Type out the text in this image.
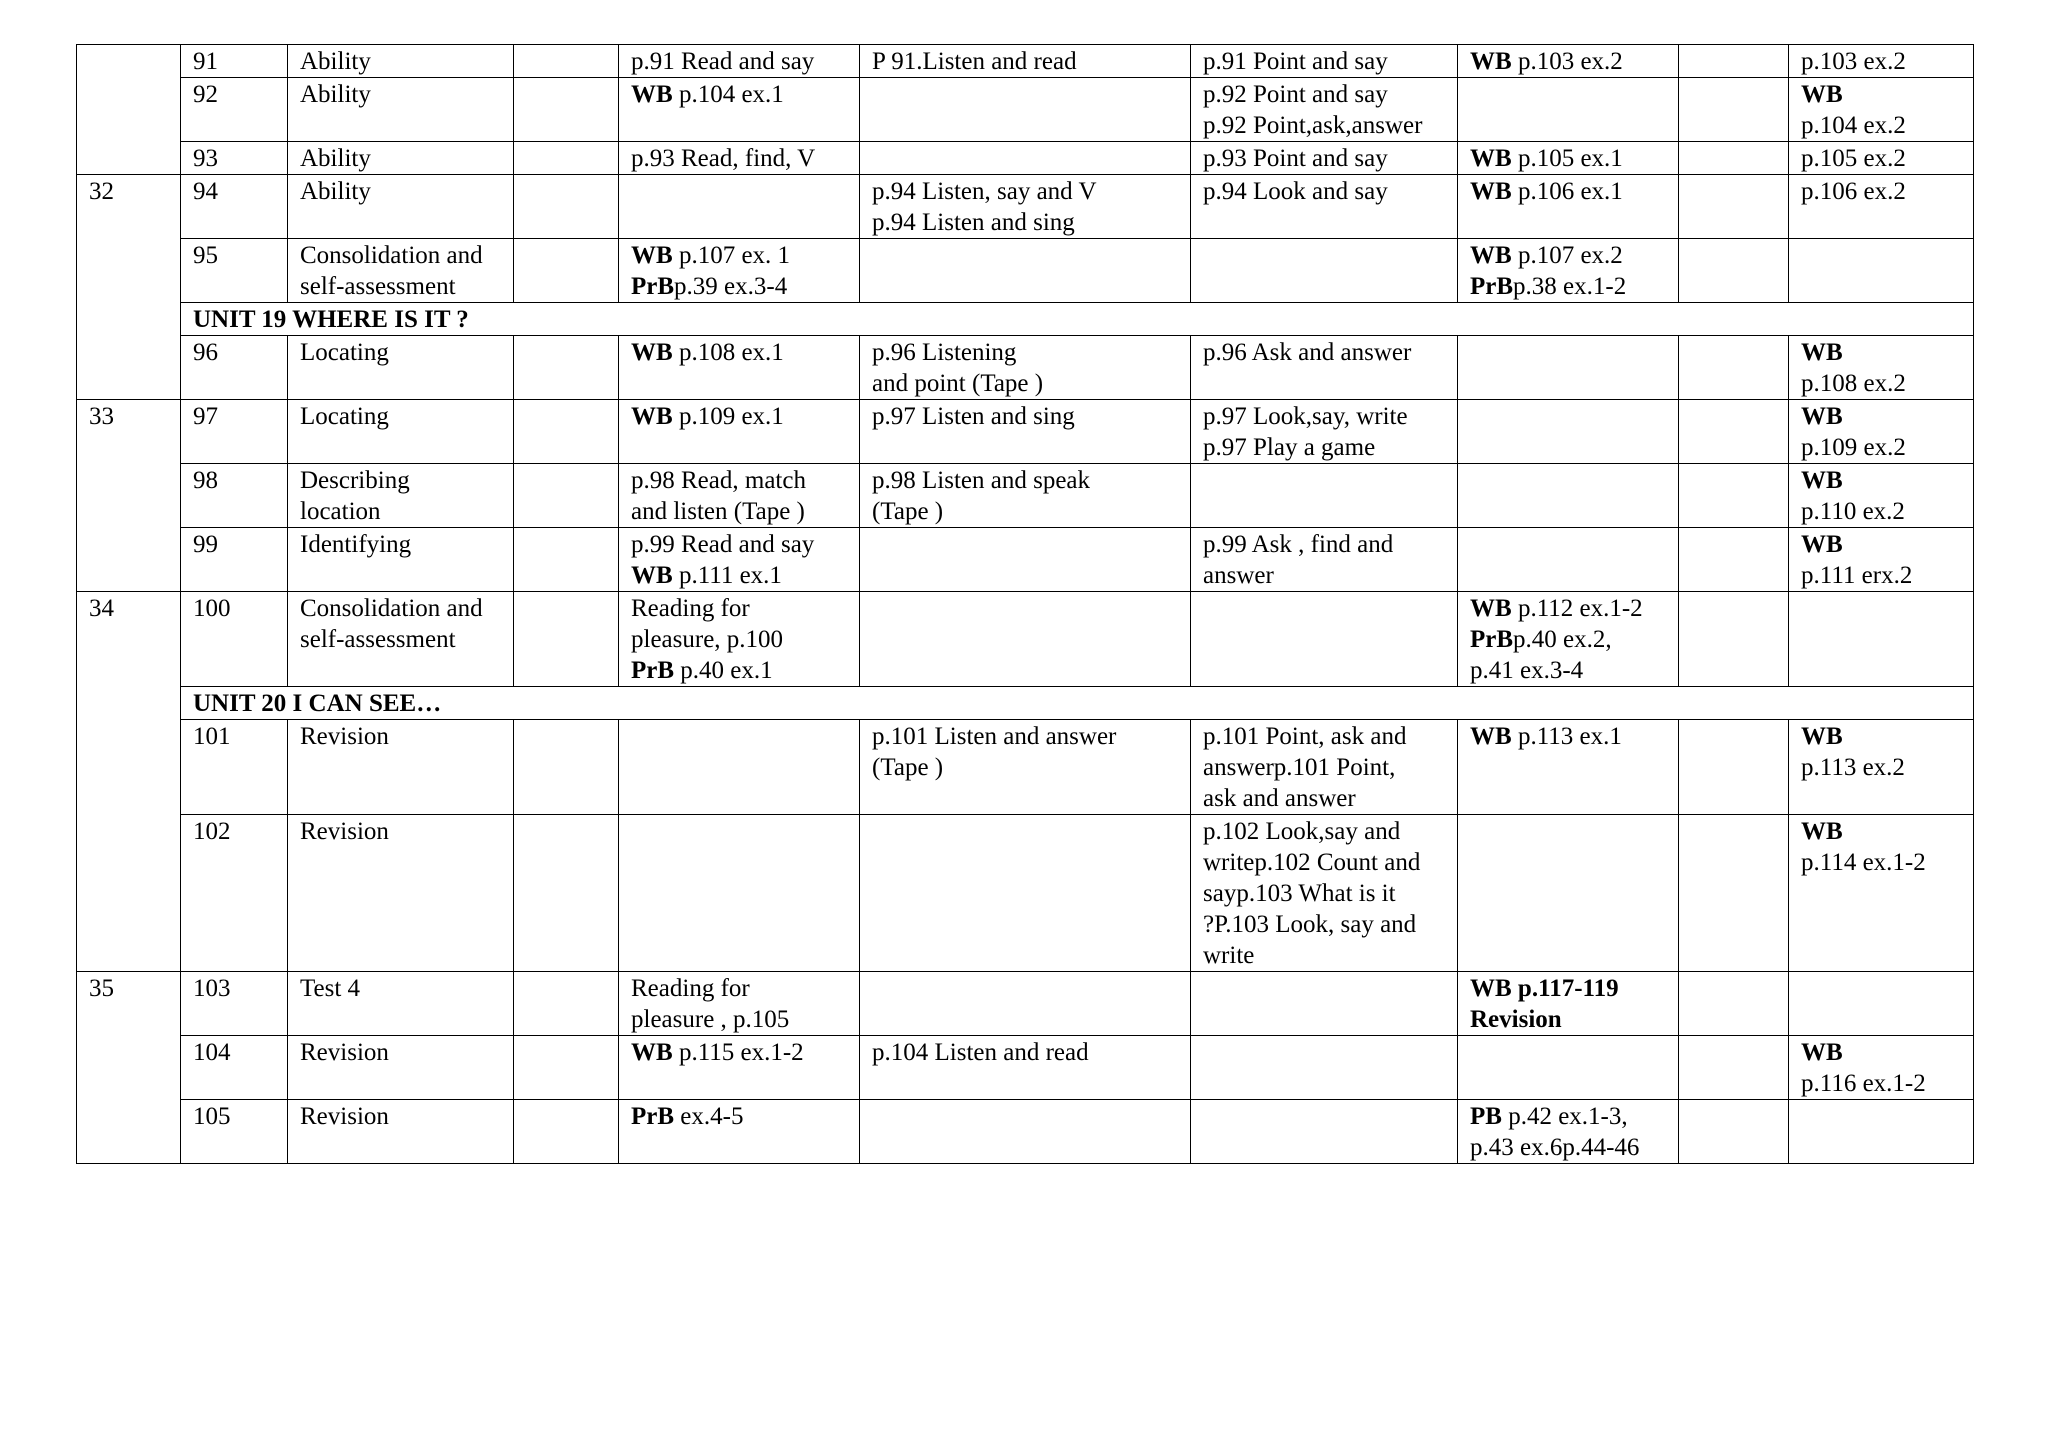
	91	Ability		p.91 Read and say	P 91.Listen and read	p.91 Point and say	WB p.103 ex.2		p.103 ex.2

	92	Ability		WB p.104 ex.1		p.92 Point and say
p.92 Point,ask,answer			WB
p.104 ex.2

	93	Ability		p.93 Read, find, V		p.93 Point and say	WB p.105 ex.1		p.105 ex.2

32	94	Ability			p.94 Listen, say and V
p.94 Listen and sing	p.94 Look and say	WB p.106 ex.1		p.106 ex.2

	95	Consolidation and
self-assessment		WB p.107 ex. 1
PrBp.39 ex.3-4			WB p.107 ex.2
PrBp.38 ex.1-2		

	UNIT 19 WHERE IS IT ?								

	96	Locating		WB p.108 ex.1	p.96 Listening
and point (Tape )	p.96 Ask and answer			WB
p.108 ex.2

33	97	Locating		WB p.109 ex.1	p.97 Listen and sing	p.97 Look,say, write
p.97 Play a game			WB
p.109 ex.2

	98	Describing
location		p.98 Read, match
and listen (Tape )	p.98 Listen and speak
(Tape )				WB
p.110 ex.2

	99	Identifying		p.99 Read and say
WB p.111 ex.1		p.99 Ask , find and
answer			WB
p.111 erx.2

34	100	Consolidation and
self-assessment		Reading for
pleasure, p.100
PrB p.40 ex.1			WB p.112 ex.1-2
PrBp.40 ex.2,
p.41 ex.3-4		

	UNIT 20 I CAN SEE…								

	101	Revision			p.101 Listen and answer
(Tape )	p.101 Point, ask and
answerp.101 Point,
ask and answer	WB p.113 ex.1		WB
p.113 ex.2

	102	Revision				p.102 Look,say and
writep.102 Count and
sayp.103 What is it
?P.103 Look, say and
write			WB
p.114 ex.1-2

35	103	Test 4		Reading for
pleasure , p.105			WB p.117-119
Revision		

	104	Revision		WB p.115 ex.1-2	p.104 Listen and read				WB
p.116 ex.1-2

	105	Revision		PrB ex.4-5			PB p.42 ex.1-3,
p.43 ex.6p.44-46		
